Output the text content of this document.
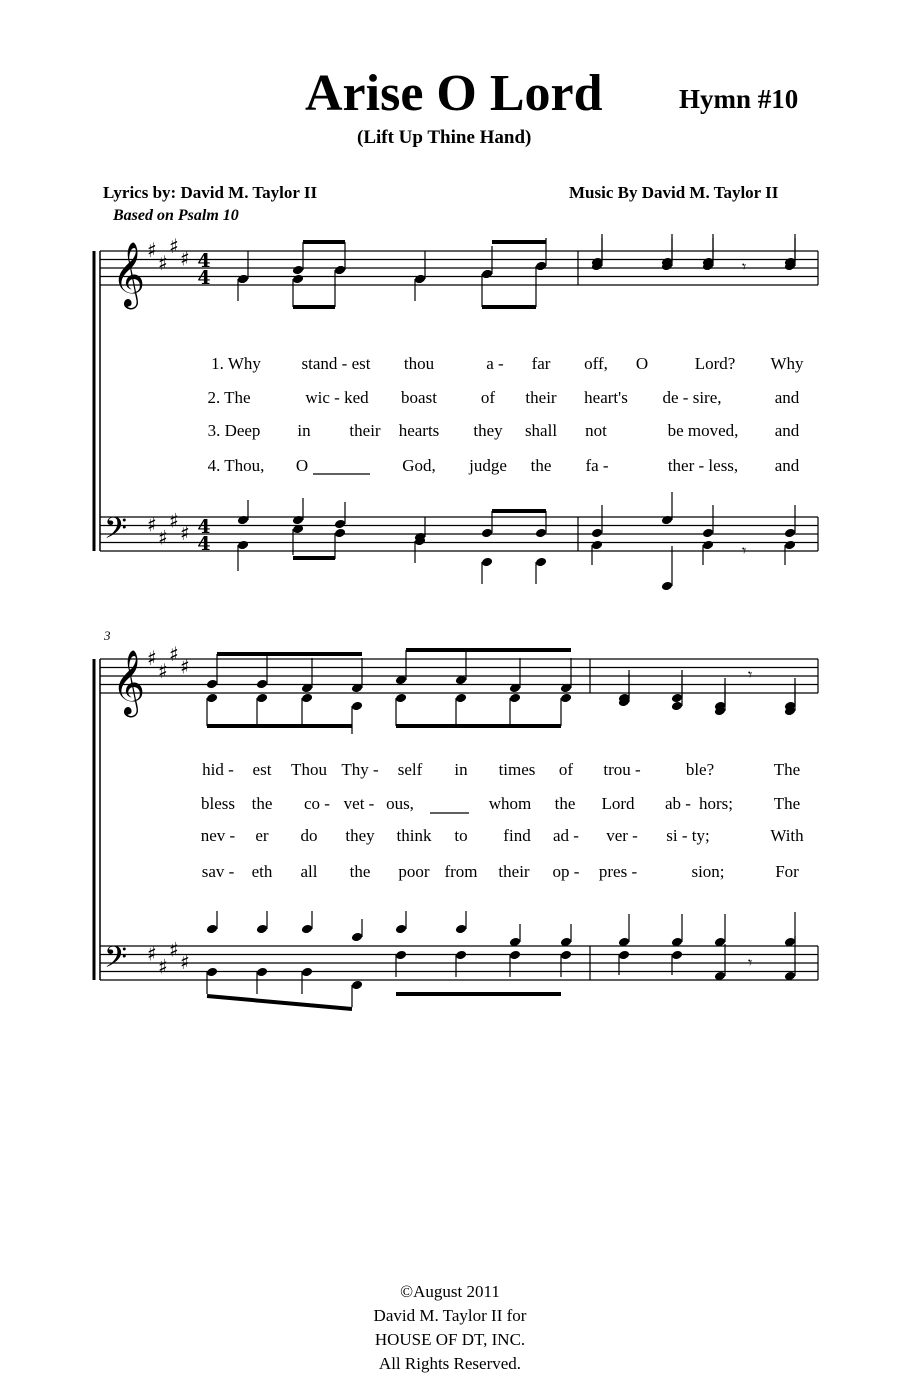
Arise O Lord	Hymn #10
(Lift Up Thine Hand)
Lyrics by: David M. Taylor II	Music By David M. Taylor II
Based on Psalm 10
3
𝄞 ♯
♯
♯
♯
𝄢 ♯
♯
♯
♯
4
4
4
4
𝄾
𝄾
𝄞 ♯
♯
♯
♯
𝄢 ♯
♯
♯
♯
𝄾
𝄾
1. Why stand - est thou	a - far off, O	Lord? Why
2. The	wic - ked boast	of their heart's de - sire,	and
3. Deep in their hearts they shall not	be moved, and
4. Thou, O	God, judge the fa -	ther - less, and
hid - est Thou Thy - self in times of trou -	ble?	The
bless the co - vet - ous,	whom the Lord ab - hors; The
nev - er do they think to find ad - ver - si - ty;	With
sav - eth all the poor from their op - pres -	sion;	For
©August 2011
David M. Taylor II for
HOUSE OF DT, INC.
All Rights Reserved.
